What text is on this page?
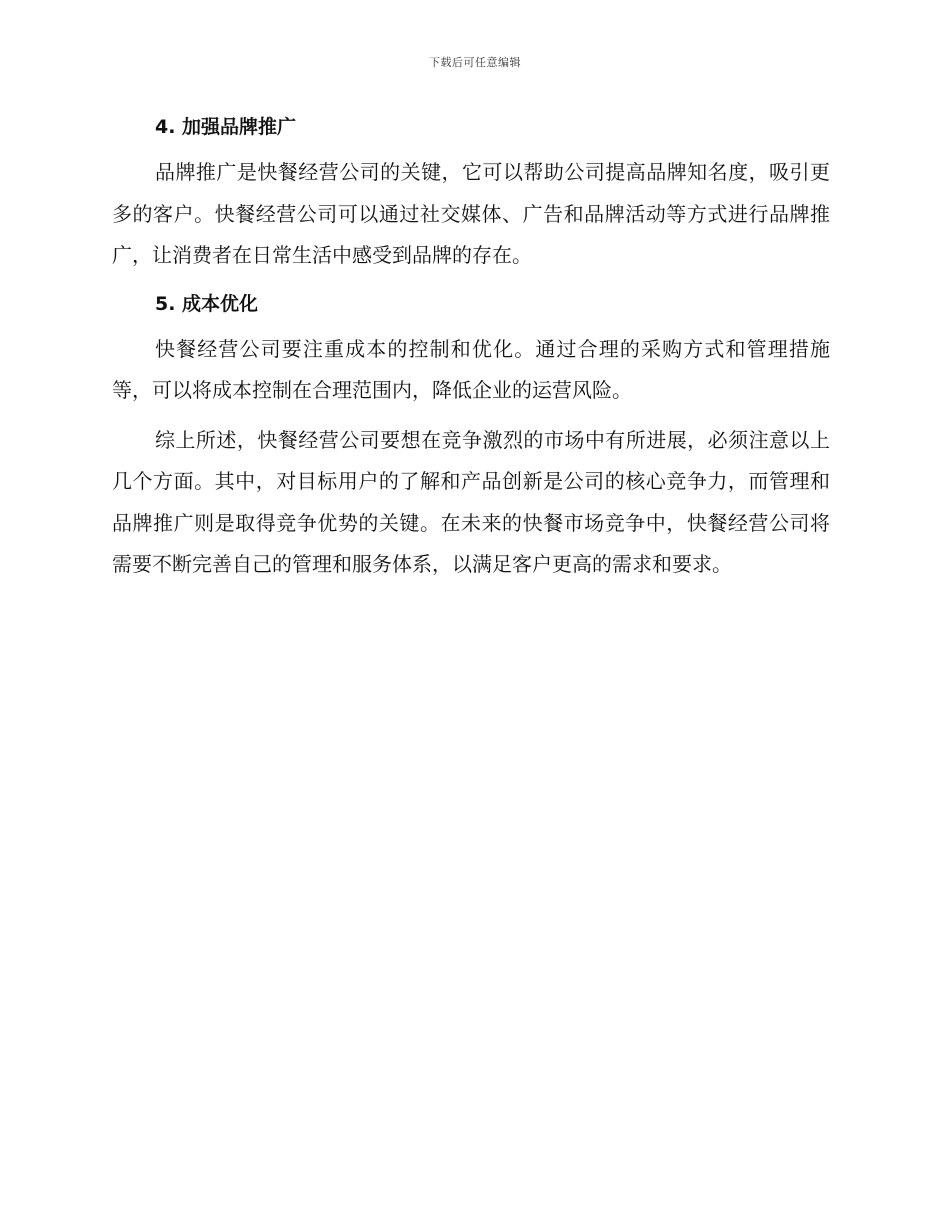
下载后可任意编辑
4. 加强品牌推广

品牌推广是快餐经营公司的关键，它可以帮助公司提高品牌知名度，吸引更多的客户。快餐经营公司可以通过社交媒体、广告和品牌活动等方式进行品牌推广，让消费者在日常生活中感受到品牌的存在。

5. 成本优化

快餐经营公司要注重成本的控制和优化。通过合理的采购方式和管理措施等，可以将成本控制在合理范围内，降低企业的运营风险。

综上所述，快餐经营公司要想在竞争激烈的市场中有所进展，必须注意以上几个方面。其中，对目标用户的了解和产品创新是公司的核心竞争力，而管理和品牌推广则是取得竞争优势的关键。在未来的快餐市场竞争中，快餐经营公司将需要不断完善自己的管理和服务体系，以满足客户更高的需求和要求。
